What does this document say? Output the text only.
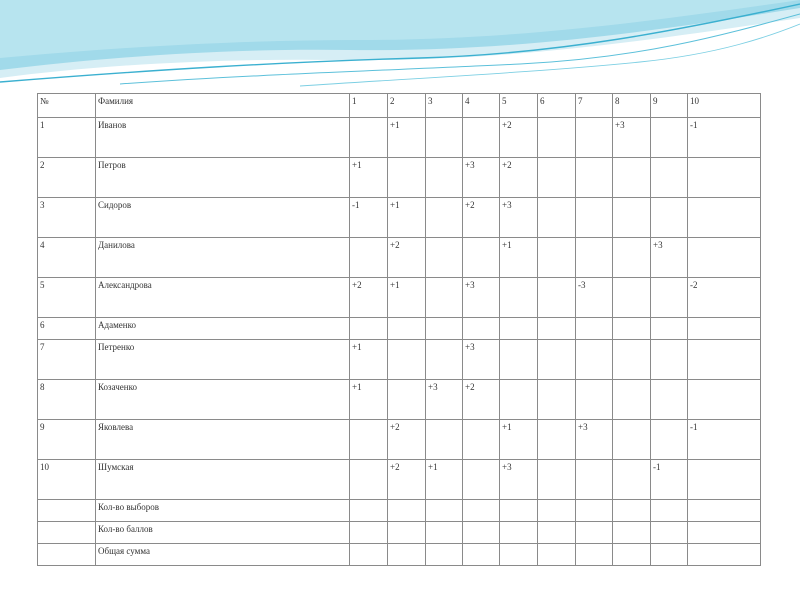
№	Фамилия	1	2	3	4	5	6	7	8	9	10
1	Иванов		+1			+2			+3		-1
2	Петров	+1			+3	+2					
3	Сидоров	-1	+1		+2	+3					
4	Данилова		+2			+1				+3	
5	Александрова	+2	+1		+3			-3			-2
6	Адаменко										
7	Петренко	+1			+3						
8	Козаченко	+1		+3	+2						
9	Яковлева		+2			+1		+3			-1
10	Шумская		+2	+1		+3				-1	
	Кол-во выборов										
	Кол-во баллов										
	Общая сумма										
